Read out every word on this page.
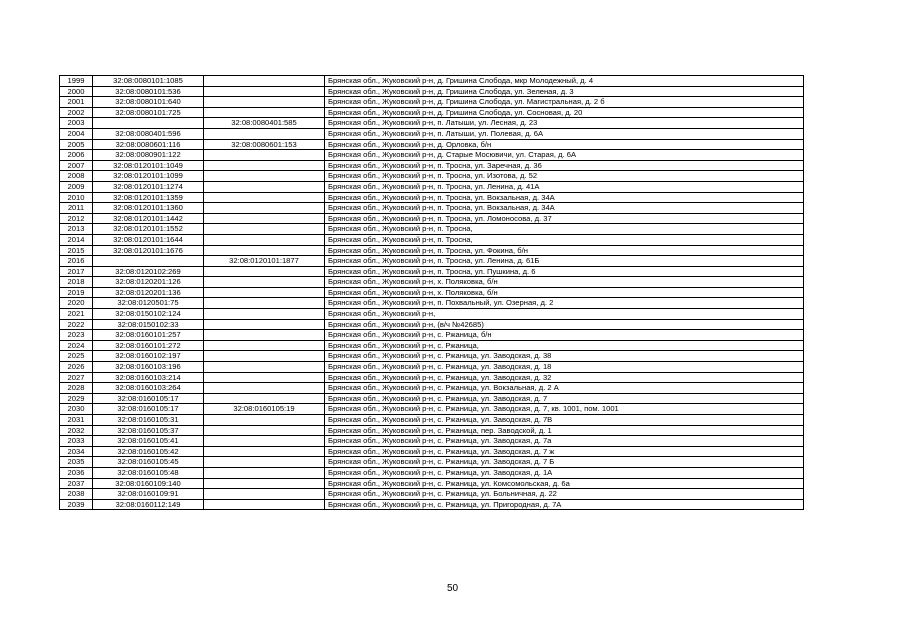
1999	32:08:0080101:1085		Брянская обл., Жуковский р-н, д. Гришина Слобода, мкр Молодежный, д. 4
2000	32:08:0080101:536		Брянская обл., Жуковский р-н, д. Гришина Слобода, ул. Зеленая, д. 3
2001	32:08:0080101:640		Брянская обл., Жуковский р-н, д. Гришина Слобода, ул. Магистральная, д. 2 б
2002	32:08:0080101:725		Брянская обл., Жуковский р-н, д. Гришина Слобода, ул. Сосновая, д. 20
2003		32:08:0080401:585	Брянская обл., Жуковский р-н, п. Латыши, ул. Лесная, д. 23
2004	32:08:0080401:596		Брянская обл., Жуковский р-н, п. Латыши, ул. Полевая, д. 6А
2005	32:08:0080601:116	32:08:0080601:153	Брянская обл., Жуковский р-н, д. Орловка, б/н
2006	32:08:0080901:122		Брянская обл., Жуковский р-н, д. Старые Мосювичи, ул. Старая, д. 6А
2007	32:08:0120101:1049		Брянская обл., Жуковский р-н, п. Тросна, ул. Заречная, д. 36
2008	32:08:0120101:1099		Брянская обл., Жуковский р-н, п. Тросна, ул. Изотова, д. 52
2009	32:08:0120101:1274		Брянская обл., Жуковский р-н, п. Тросна, ул. Ленина, д. 41А
2010	32:08:0120101:1359		Брянская обл., Жуковский р-н, п. Тросна, ул. Вокзальная, д. 34А
2011	32:08:0120101:1360		Брянская обл., Жуковский р-н, п. Тросна, ул. Вокзальная, д. 34А
2012	32:08:0120101:1442		Брянская обл., Жуковский р-н, п. Тросна, ул. Ломоносова, д. 37
2013	32:08:0120101:1552		Брянская обл., Жуковский р-н, п. Тросна,
2014	32:08:0120101:1644		Брянская обл., Жуковский р-н, п. Тросна,
2015	32:08:0120101:1676		Брянская обл., Жуковский р-н, п. Тросна, ул. Фокина, б/н
2016		32:08:0120101:1877	Брянская обл., Жуковский р-н, п. Тросна, ул. Ленина, д. 61Б
2017	32:08:0120102:269		Брянская обл., Жуковский р-н, п. Тросна, ул. Пушкина, д. 6
2018	32:08:0120201:126		Брянская обл., Жуковский р-н, х. Поляковка, б/н
2019	32:08:0120201:136		Брянская обл., Жуковский р-н, х. Поляковка, б/н
2020	32:08:0120501:75		Брянская обл., Жуковский р-н, п. Похвальный, ул. Озерная, д. 2
2021	32:08:0150102:124		Брянская обл., Жуковский р-н,
2022	32:08:0150102:33		Брянская обл., Жуковский р-н, (в/ч №42685)
2023	32:08:0160101:257		Брянская обл., Жуковский р-н, с. Ржаница, б/н
2024	32:08:0160101:272		Брянская обл., Жуковский р-н, с. Ржаница,
2025	32:08:0160102:197		Брянская обл., Жуковский р-н, с. Ржаница, ул. Заводская, д. 38
2026	32:08:0160103:196		Брянская обл., Жуковский р-н, с. Ржаница, ул. Заводская, д. 18
2027	32:08:0160103:214		Брянская обл., Жуковский р-н, с. Ржаница, ул. Заводская, д. 32
2028	32:08:0160103:264		Брянская обл., Жуковский р-н, с. Ржаница, ул. Вокзальная, д. 2 А
2029	32:08:0160105:17		Брянская обл., Жуковский р-н, с. Ржаница, ул. Заводская, д. 7
2030	32:08:0160105:17	32:08:0160105:19	Брянская обл., Жуковский р-н, с. Ржаница, ул. Заводская, д. 7, кв. 1001, пом. 1001
2031	32:08:0160105:31		Брянская обл., Жуковский р-н, с. Ржаница, ул. Заводская, д. 7В
2032	32:08:0160105:37		Брянская обл., Жуковский р-н, с. Ржаница, пер. Заводской, д. 1
2033	32:08:0160105:41		Брянская обл., Жуковский р-н, с. Ржаница, ул. Заводская, д. 7а
2034	32:08:0160105:42		Брянская обл., Жуковский р-н, с. Ржаница, ул. Заводская, д. 7 ж
2035	32:08:0160105:45		Брянская обл., Жуковский р-н, с. Ржаница, ул. Заводская, д. 7 Б
2036	32:08:0160105:48		Брянская обл., Жуковский р-н, с. Ржаница, ул. Заводская, д. 1А
2037	32:08:0160109:140		Брянская обл., Жуковский р-н, с. Ржаница, ул. Комсомольская, д. 6а
2038	32:08:0160109:91		Брянская обл., Жуковский р-н, с. Ржаница, ул. Больничная, д. 22
2039	32:08:0160112:149		Брянская обл., Жуковский р-н, с. Ржаница, ул. Пригородная, д. 7А
50
